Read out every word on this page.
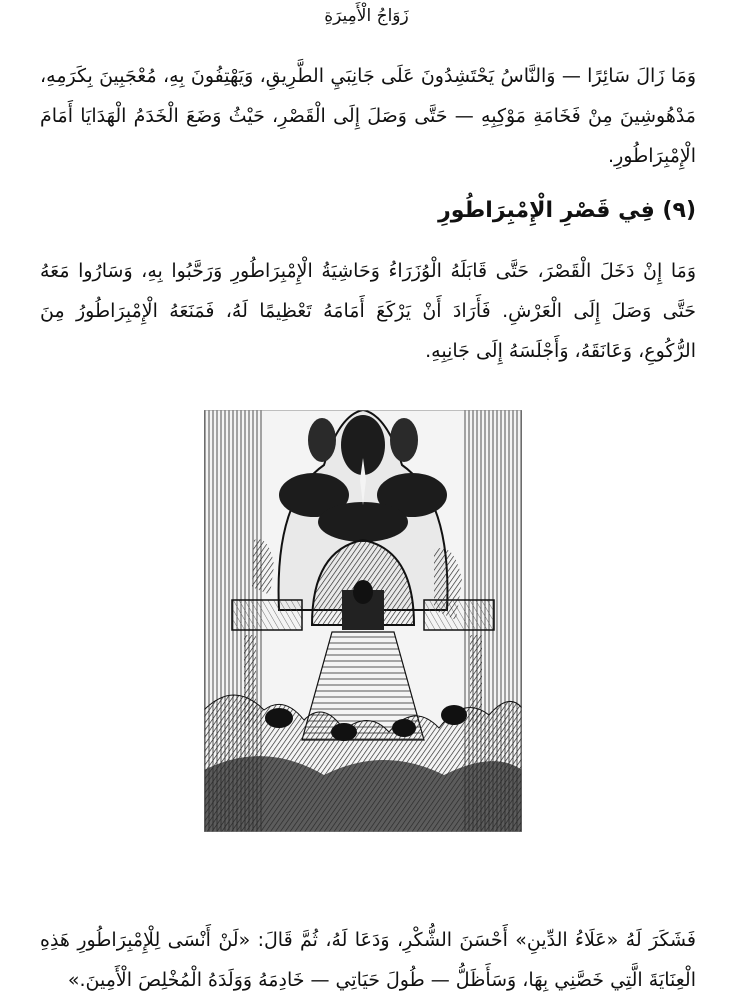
زَوَاجُ الْأَمِيرَةِ

وَمَا زَالَ سَائِرًا — وَالنَّاسُ يَحْتَشِدُونَ عَلَى جَانِبَيِ الطَّرِيقِ، وَيَهْتِفُونَ بِهِ، مُعْجَبِينَ بِكَرَمِهِ، مَدْهُوشِينَ مِنْ فَخَامَةِ مَوْكِبِهِ — حَتَّى وَصَلَ إِلَى الْقَصْرِ، حَيْثُ وَضَعَ الْخَدَمُ الْهَدَايَا أَمَامَ الْإِمْبِرَاطُورِ.

(٩) فِي قَصْرِ الْإِمْبِرَاطُورِ

وَمَا إِنْ دَخَلَ الْقَصْرَ، حَتَّى قَابَلَهُ الْوُزَرَاءُ وَحَاشِيَةُ الْإِمْبِرَاطُورِ وَرَحَّبُوا بِهِ، وَسَارُوا مَعَهُ حَتَّى وَصَلَ إِلَى الْعَرْشِ. فَأَرَادَ أَنْ يَرْكَعَ أَمَامَهُ تَعْظِيمًا لَهُ، فَمَنَعَهُ الْإِمْبِرَاطُورُ مِنَ الرُّكُوعِ، وَعَانَقَهُ، وَأَجْلَسَهُ إِلَى جَانِبِهِ.

فَشَكَرَ لَهُ «عَلَاءُ الدِّينِ» أَحْسَنَ الشُّكْرِ، وَدَعَا لَهُ، ثُمَّ قَالَ: «لَنْ أَنْسَى لِلْإِمْبِرَاطُورِ هَذِهِ الْعِنَايَةَ الَّتِي خَصَّنِي بِهَا، وَسَأَظَلُّ — طُولَ حَيَاتِي — خَادِمَهُ وَوَلَدَهُ الْمُخْلِصَ الْأَمِينَ.»
